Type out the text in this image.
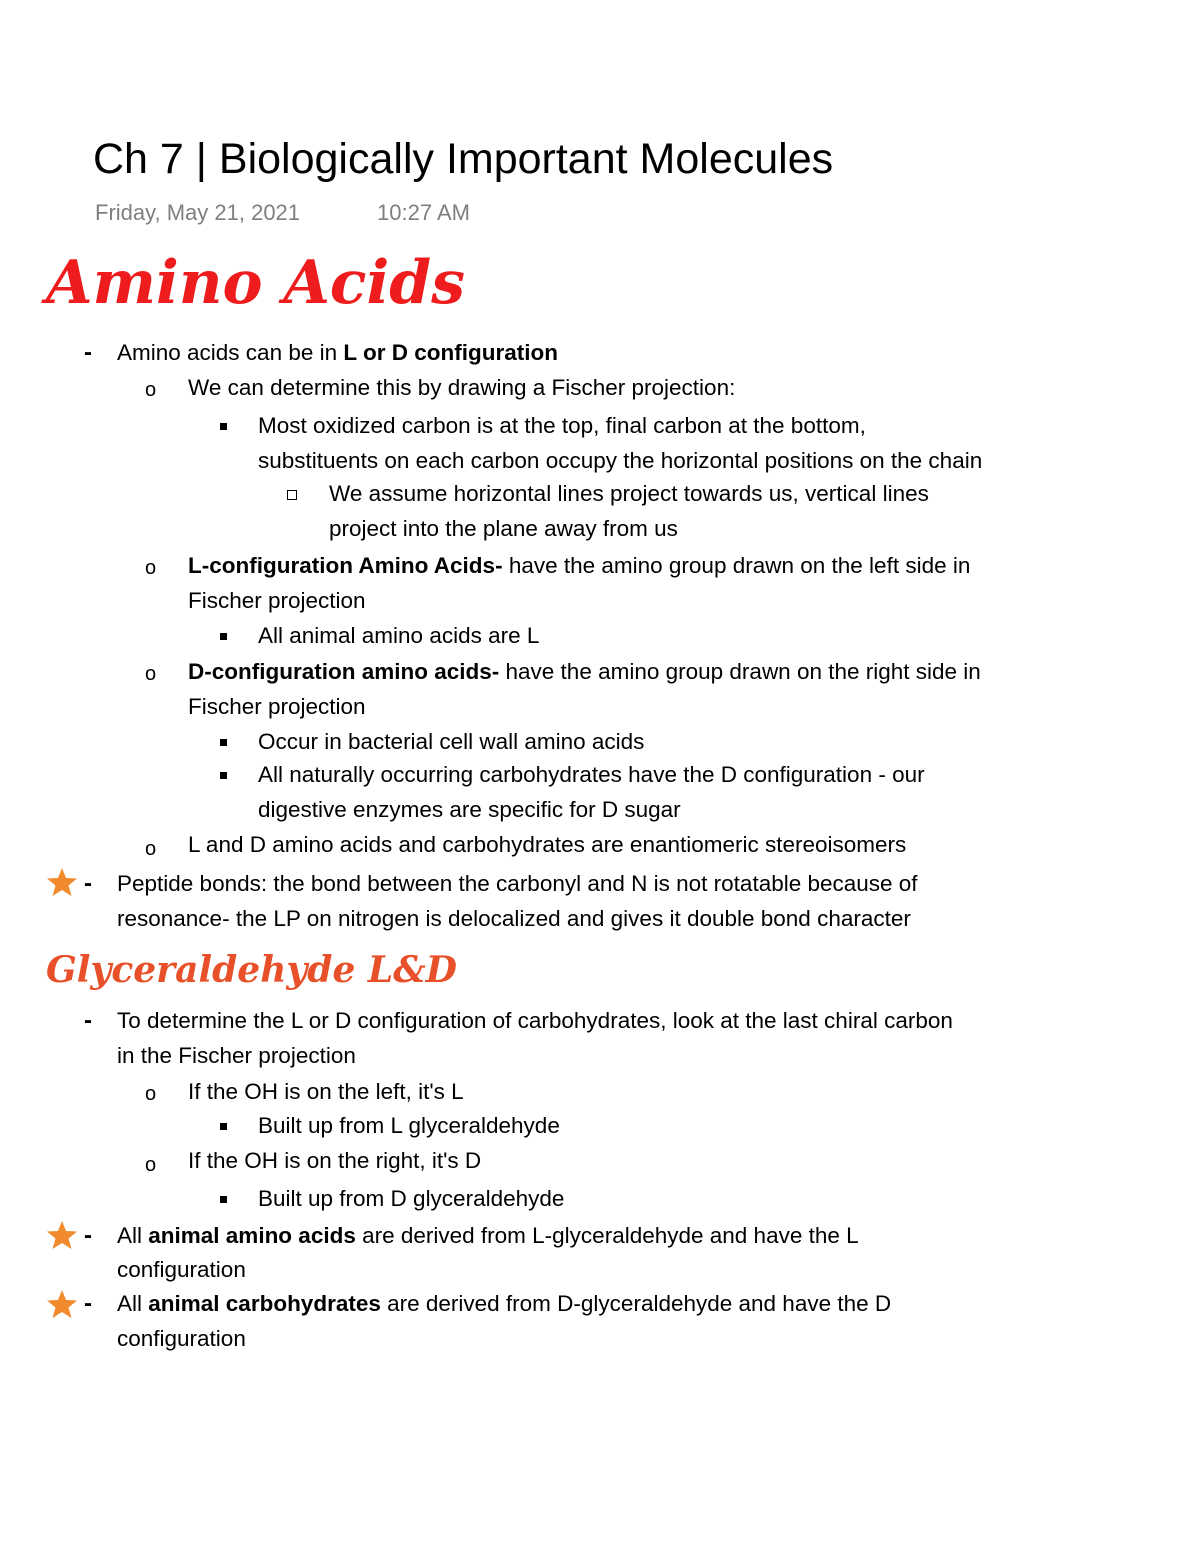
Ch 7 | Biologically Important Molecules
Friday, May 21, 2021	10:27 AM
Amino Acids
- Amino acids can be in L or D configuration
o We can determine this by drawing a Fischer projection:
Most oxidized carbon is at the top, final carbon at the bottom,
substituents on each carbon occupy the horizontal positions on the chain
We assume horizontal lines project towards us, vertical lines
project into the plane away from us
o L-configuration Amino Acids- have the amino group drawn on the left side in
Fischer projection
All animal amino acids are L
o D-configuration amino acids- have the amino group drawn on the right side in
Fischer projection
Occur in bacterial cell wall amino acids
All naturally occurring carbohydrates have the D configuration - our
digestive enzymes are specific for D sugar
o L and D amino acids and carbohydrates are enantiomeric stereoisomers
- Peptide bonds: the bond between the carbonyl and N is not rotatable because of
resonance- the LP on nitrogen is delocalized and gives it double bond character
Glyceraldehyde L&D
- To determine the L or D configuration of carbohydrates, look at the last chiral carbon
in the Fischer projection
o If the OH is on the left, it's L
Built up from L glyceraldehyde
o If the OH is on the right, it's D
Built up from D glyceraldehyde
- All animal amino acids are derived from L-glyceraldehyde and have the L
configuration
- All animal carbohydrates are derived from D-glyceraldehyde and have the D
configuration
